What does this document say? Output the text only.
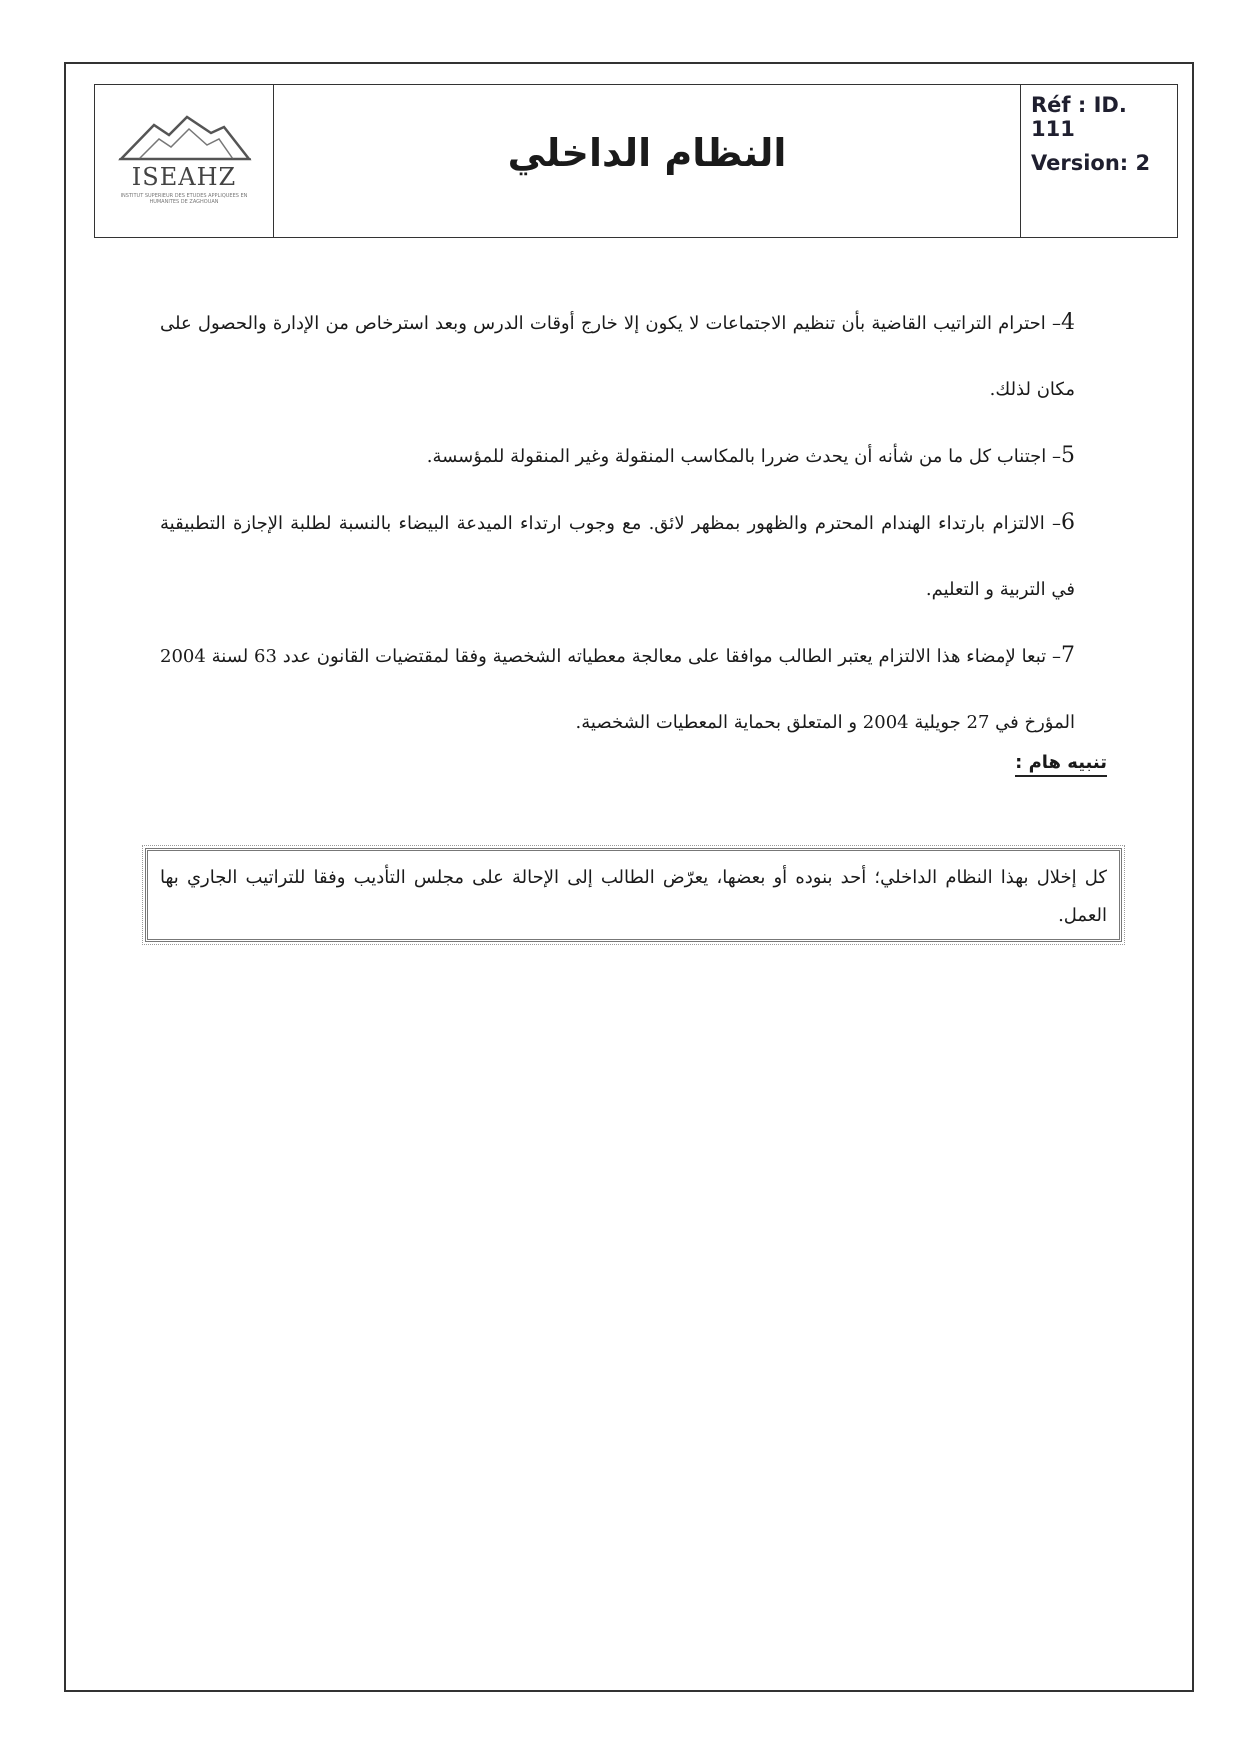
ISEAHZ
INSTITUT SUPERIEUR DES ETUDES APPLIQUEES EN HUMANITES DE ZAGHOUAN
النظام الداخلي
Réf : ID. 111
Version: 2

4– احترام التراتيب القاضية بأن تنظيم الاجتماعات لا يكون إلا خارج أوقات الدرس وبعد استرخاص من الإدارة والحصول على مكان لذلك.

5– اجتناب كل ما من شأنه أن يحدث ضررا بالمكاسب المنقولة وغير المنقولة للمؤسسة.

6– الالتزام بارتداء الهندام المحترم والظهور بمظهر لائق. مع وجوب ارتداء الميدعة البيضاء بالنسبة لطلبة الإجازة التطبيقية في التربية و التعليم.

7– تبعا لإمضاء هذا الالتزام يعتبر الطالب موافقا على معالجة معطياته الشخصية وفقا لمقتضيات القانون عدد 63 لسنة 2004 المؤرخ في 27 جويلية 2004 و المتعلق بحماية المعطيات الشخصية.

تنبيه هام :
كل إخلال بهذا النظام الداخلي؛ أحد بنوده أو بعضها، يعرّض الطالب إلى الإحالة على مجلس التأديب وفقا للتراتيب الجاري بها العمل.
